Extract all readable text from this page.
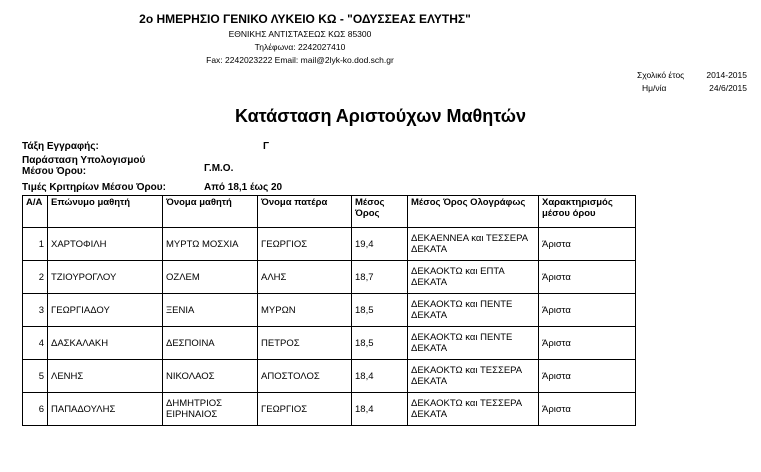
2ο ΗΜΕΡΗΣΙΟ ΓΕΝΙΚΟ ΛΥΚΕΙΟ ΚΩ - "ΟΔΥΣΣΕΑΣ ΕΛΥΤΗΣ"
ΕΘΝΙΚΗΣ ΑΝΤΙΣΤΑΣΕΩΣ ΚΩΣ 85300
Τηλέφωνα: 2242027410
Fax: 2242023222 Email: mail@2lyk-ko.dod.sch.gr
Σχολικό έτος	2014-2015
Ημ/νία	24/6/2015
Κατάσταση Αριστούχων Μαθητών
Τάξη Εγγραφής:	Γ
Παράσταση Υπολογισμού Μέσου Όρου:	Γ.Μ.Ο.
Τιμές Κριτηρίων Μέσου Όρου:	Από 18,1 έως 20
Α/Α	Επώνυμο μαθητή	Όνομα μαθητή	Όνομα πατέρα	Μέσος Όρος	Μέσος Όρος Ολογράφως	Χαρακτηρισμός μέσου όρου
1	ΧΑΡΤΟΦΙΛΗ	ΜΥΡΤΩ ΜΟΣΧΙΑ	ΓΕΩΡΓΙΟΣ	19,4	ΔΕΚΑΕΝΝΕΑ και ΤΕΣΣΕΡΑ ΔΕΚΑΤΑ	Άριστα
2	ΤΖΙΟΥΡΟΓΛΟΥ	ΟΖΛΕΜ	ΑΛΗΣ	18,7	ΔΕΚΑΟΚΤΩ και ΕΠΤΑ ΔΕΚΑΤΑ	Άριστα
3	ΓΕΩΡΓΙΑΔΟΥ	ΞΕΝΙΑ	ΜΥΡΩΝ	18,5	ΔΕΚΑΟΚΤΩ και ΠΕΝΤΕ ΔΕΚΑΤΑ	Άριστα
4	ΔΑΣΚΑΛΑΚΗ	ΔΕΣΠΟΙΝΑ	ΠΕΤΡΟΣ	18,5	ΔΕΚΑΟΚΤΩ και ΠΕΝΤΕ ΔΕΚΑΤΑ	Άριστα
5	ΛΕΝΗΣ	ΝΙΚΟΛΑΟΣ	ΑΠΟΣΤΟΛΟΣ	18,4	ΔΕΚΑΟΚΤΩ και ΤΕΣΣΕΡΑ ΔΕΚΑΤΑ	Άριστα
6	ΠΑΠΑΔΟΥΛΗΣ	ΔΗΜΗΤΡΙΟΣ ΕΙΡΗΝΑΙΟΣ	ΓΕΩΡΓΙΟΣ	18,4	ΔΕΚΑΟΚΤΩ και ΤΕΣΣΕΡΑ ΔΕΚΑΤΑ	Άριστα
